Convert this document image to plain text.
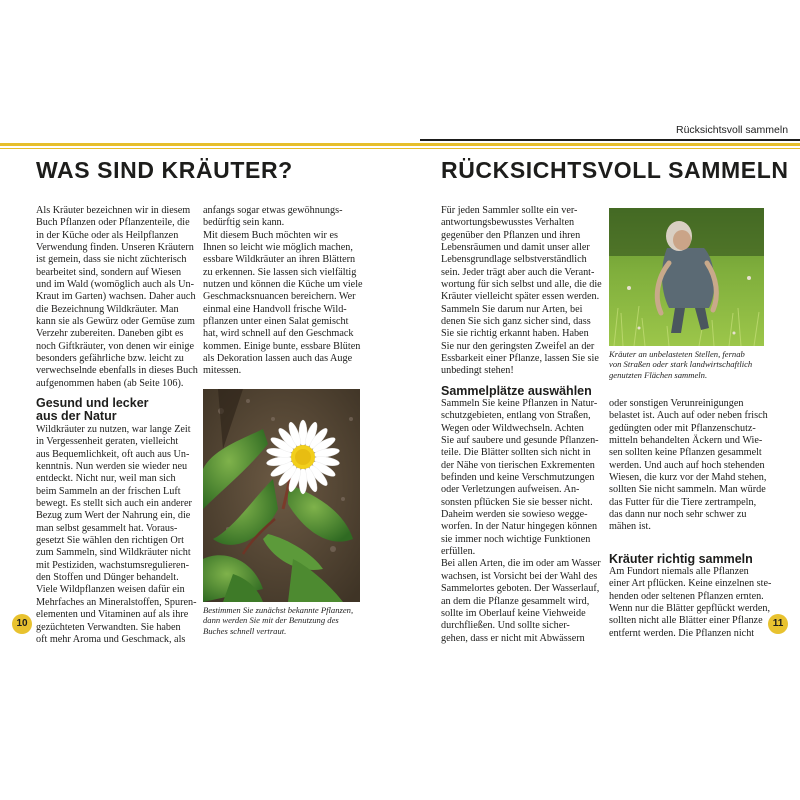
Rücksichtsvoll sammeln
WAS SIND KRÄUTER?
Als Kräuter bezeichnen wir in diesem
Buch Pflanzen oder Pflanzenteile, die
in der Küche oder als Heilpflanzen
Verwendung finden. Unseren Kräutern
ist gemein, dass sie nicht züchterisch
bearbeitet sind, sondern auf Wiesen
und im Wald (womöglich auch als Un-
Kraut im Garten) wachsen. Daher auch
die Bezeichnung Wildkräuter. Man
kann sie als Gewürz oder Gemüse zum
Verzehr zubereiten. Daneben gibt es
noch Giftkräuter, von denen wir einige
besonders gefährliche bzw. leicht zu
verwechselnde ebenfalls in dieses Buch
aufgenommen haben (ab Seite 106).
Gesund und lecker
aus der Natur
Wildkräuter zu nutzen, war lange Zeit
in Vergessenheit geraten, vielleicht
aus Bequemlichkeit, oft auch aus Un-
kenntnis. Nun werden sie wieder neu
entdeckt. Nicht nur, weil man sich
beim Sammeln an der frischen Luft
bewegt. Es stellt sich auch ein anderer
Bezug zum Wert der Nahrung ein, die
man selbst gesammelt hat. Voraus-
gesetzt Sie wählen den richtigen Ort
zum Sammeln, sind Wildkräuter nicht
mit Pestiziden, wachstumsregulieren-
den Stoffen und Dünger behandelt.
Viele Wildpflanzen weisen dafür ein
Mehrfaches an Mineralstoffen, Spuren-
elementen und Vitaminen auf als ihre
gezüchteten Verwandten. Sie haben
oft mehr Aroma und Geschmack, als
anfangs sogar etwas gewöhnungs-
bedürftig sein kann.
Mit diesem Buch möchten wir es
Ihnen so leicht wie möglich machen,
essbare Wildkräuter an ihren Blättern
zu erkennen. Sie lassen sich vielfältig
nutzen und können die Küche um viele
Geschmacksnuancen bereichern. Wer
einmal eine Handvoll frische Wild-
pflanzen unter einen Salat gemischt
hat, wird schnell auf den Geschmack
kommen. Einige bunte, essbare Blüten
als Dekoration lassen auch das Auge
mitessen.
Bestimmen Sie zunächst bekannte Pflanzen,
dann werden Sie mit der Benutzung des
Buches schnell vertraut.
10
RÜCKSICHTSVOLL SAMMELN
Für jeden Sammler sollte ein ver-
antwortungsbewusstes Verhalten
gegenüber den Pflanzen und ihren
Lebensräumen und damit unser aller
Lebensgrundlage selbstverständlich
sein. Jeder trägt aber auch die Verant-
wortung für sich selbst und alle, die die
Kräuter vielleicht später essen werden.
Sammeln Sie darum nur Arten, bei
denen Sie sich ganz sicher sind, dass
Sie sie richtig erkannt haben. Haben
Sie nur den geringsten Zweifel an der
Essbarkeit einer Pflanze, lassen Sie sie
unbedingt stehen!
Kräuter an unbelasteten Stellen, fernab
von Straßen oder stark landwirtschaftlich
genutzten Flächen sammeln.
Sammelplätze auswählen
Sammeln Sie keine Pflanzen in Natur-
schutzgebieten, entlang von Straßen,
Wegen oder Wildwechseln. Achten
Sie auf saubere und gesunde Pflanzen-
teile. Die Blätter sollten sich nicht in
der Nähe von tierischen Exkrementen
befinden und keine Verschmutzungen
oder Verletzungen aufweisen. An-
sonsten pflücken Sie sie besser nicht.
Daheim werden sie sowieso wegge-
worfen. In der Natur hingegen können
sie immer noch wichtige Funktionen
erfüllen.
Bei allen Arten, die im oder am Wasser
wachsen, ist Vorsicht bei der Wahl des
Sammelortes geboten. Der Wasserlauf,
an dem die Pflanze gesammelt wird,
sollte im Oberlauf keine Viehweide
durchfließen. Und sollte sicher-
gehen, dass er nicht mit Abwässern
oder sonstigen Verunreinigungen
belastet ist. Auch auf oder neben frisch
gedüngten oder mit Pflanzenschutz-
mitteln behandelten Äckern und Wie-
sen sollten keine Pflanzen gesammelt
werden. Und auch auf hoch stehenden
Wiesen, die kurz vor der Mahd stehen,
sollten Sie nicht sammeln. Man würde
das Futter für die Tiere zertrampeln,
das dann nur noch sehr schwer zu
mähen ist.
Kräuter richtig sammeln
Am Fundort niemals alle Pflanzen
einer Art pflücken. Keine einzelnen ste-
henden oder seltenen Pflanzen ernten.
Wenn nur die Blätter gepflückt werden,
sollten nicht alle Blätter einer Pflanze
entfernt werden. Die Pflanzen nicht
11
